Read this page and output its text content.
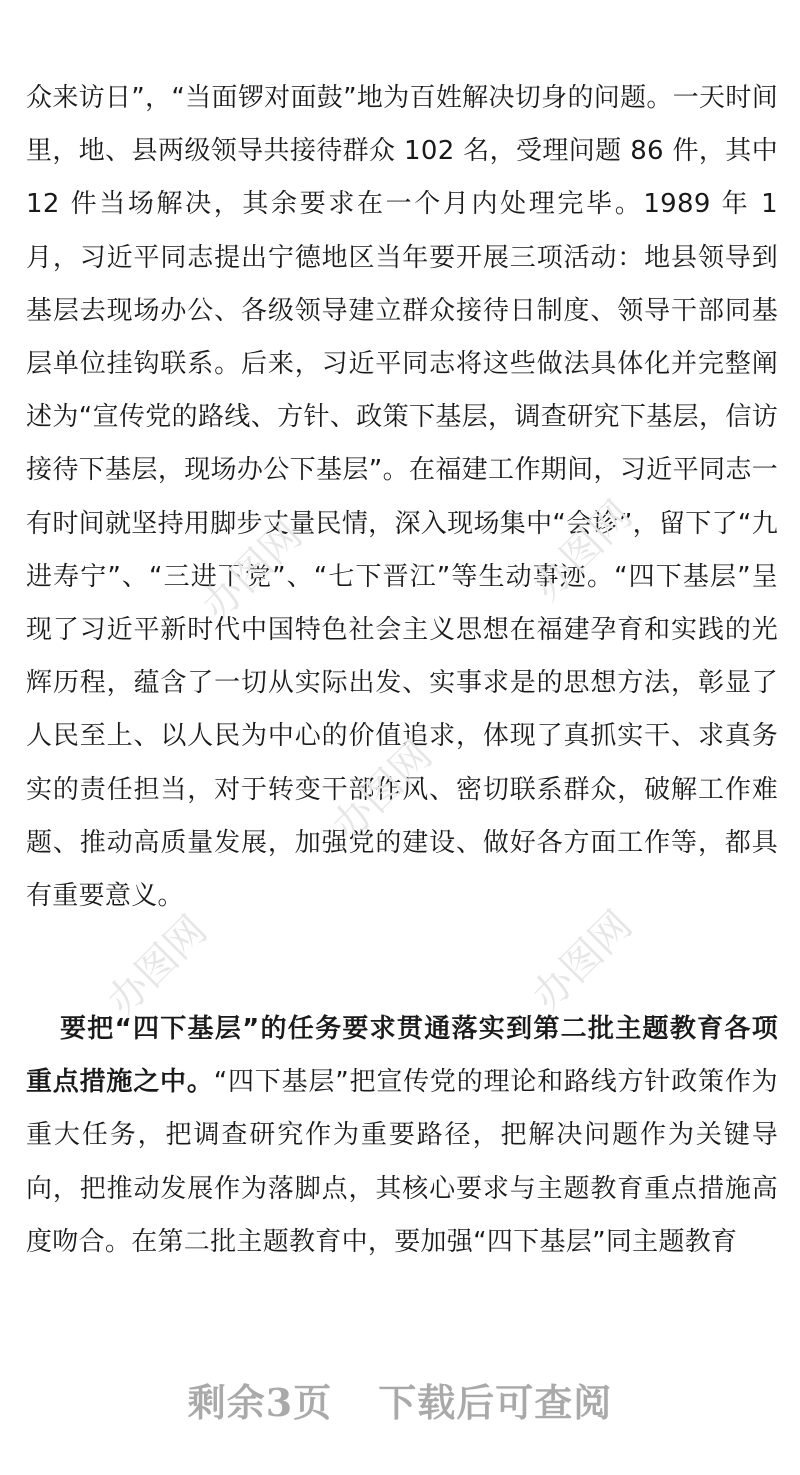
众来访日”，“当面锣对面鼓”地为百姓解决切身的问题。一天时间里，地、县两级领导共接待群众 102 名，受理问题 86 件，其中 12 件当场解决，其余要求在一个月内处理完毕。1989 年 1 月，习近平同志提出宁德地区当年要开展三项活动：地县领导到基层去现场办公、各级领导建立群众接待日制度、领导干部同基层单位挂钩联系。后来，习近平同志将这些做法具体化并完整阐述为“宣传党的路线、方针、政策下基层，调查研究下基层，信访接待下基层，现场办公下基层”。在福建工作期间，习近平同志一有时间就坚持用脚步丈量民情，深入现场集中“会诊”，留下了“九进寿宁”、“三进下党”、“七下晋江”等生动事迹。“四下基层”呈现了习近平新时代中国特色社会主义思想在福建孕育和实践的光辉历程，蕴含了一切从实际出发、实事求是的思想方法，彰显了人民至上、以人民为中心的价值追求，体现了真抓实干、求真务实的责任担当，对于转变干部作风、密切联系群众，破解工作难题、推动高质量发展，加强党的建设、做好各方面工作等，都具有重要意义。

要把“四下基层”的任务要求贯通落实到第二批主题教育各项重点措施之中。“四下基层”把宣传党的理论和路线方针政策作为重大任务，把调查研究作为重要路径，把解决问题作为关键导向，把推动发展作为落脚点，其核心要求与主题教育重点措施高度吻合。在第二批主题教育中，要加强“四下基层”同主题教育

办图网	办图网
办图网
办图网	办图网
剩余3页 下载后可查阅
